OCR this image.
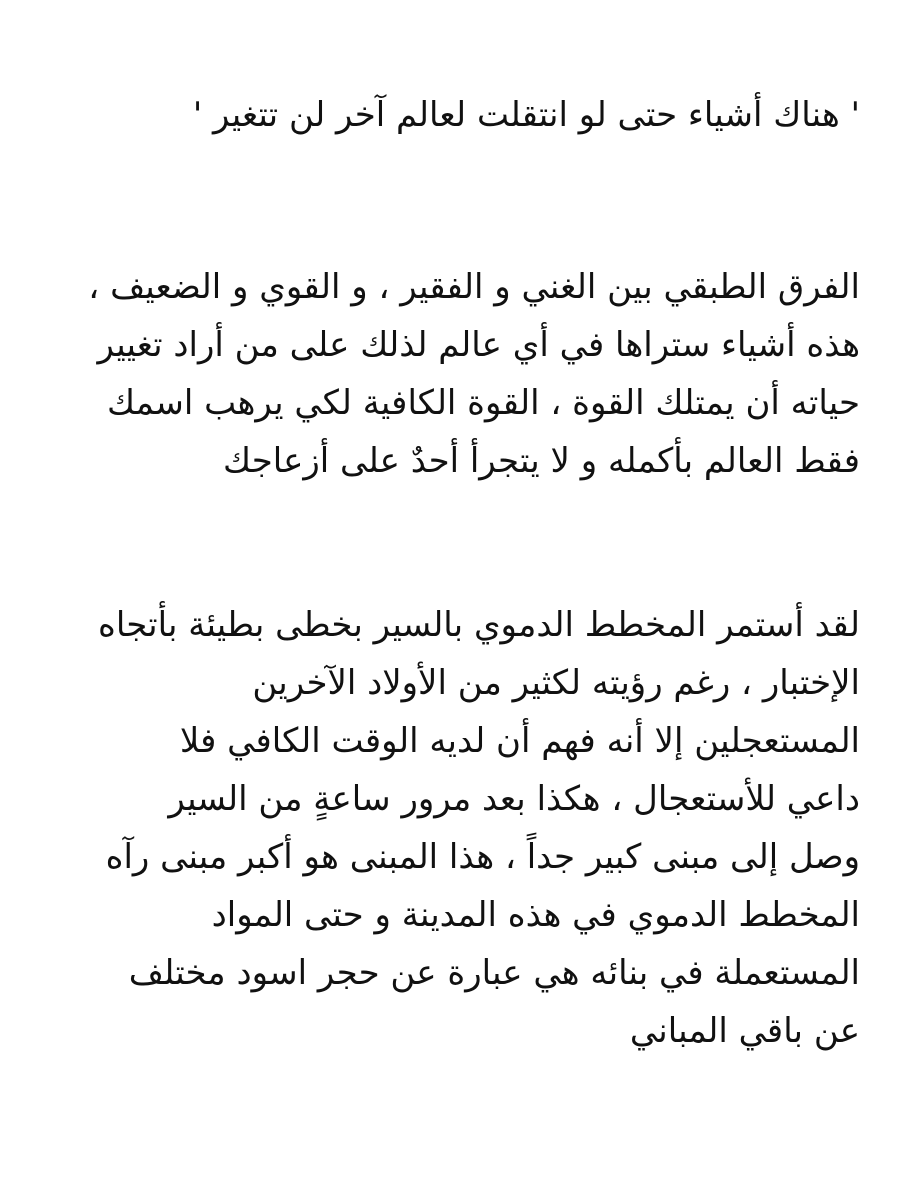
' هناك أشياء حتى لو انتقلت لعالم آخر لن تتغير '

الفرق الطبقي بين الغني و الفقير ، و القوي و الضعيف ،
هذه أشياء ستراها في أي عالم لذلك على من أراد تغيير
حياته أن يمتلك القوة ، القوة الكافية لكي يرهب اسمك
فقط العالم بأكمله و لا يتجرأ أحدٌ على أزعاجك

لقد أستمر المخطط الدموي بالسير بخطى بطيئة بأتجاه
الإختبار ، رغم رؤيته لكثير من الأولاد الآخرين
المستعجلين إلا أنه فهم أن لديه الوقت الكافي فلا
داعي للأستعجال ، هكذا بعد مرور ساعةٍ من السير
وصل إلى مبنى كبير جداً ، هذا المبنى هو أكبر مبنى رآه
المخطط الدموي في هذه المدينة و حتى المواد
المستعملة في بنائه هي عبارة عن حجر اسود مختلف
عن باقي المباني
